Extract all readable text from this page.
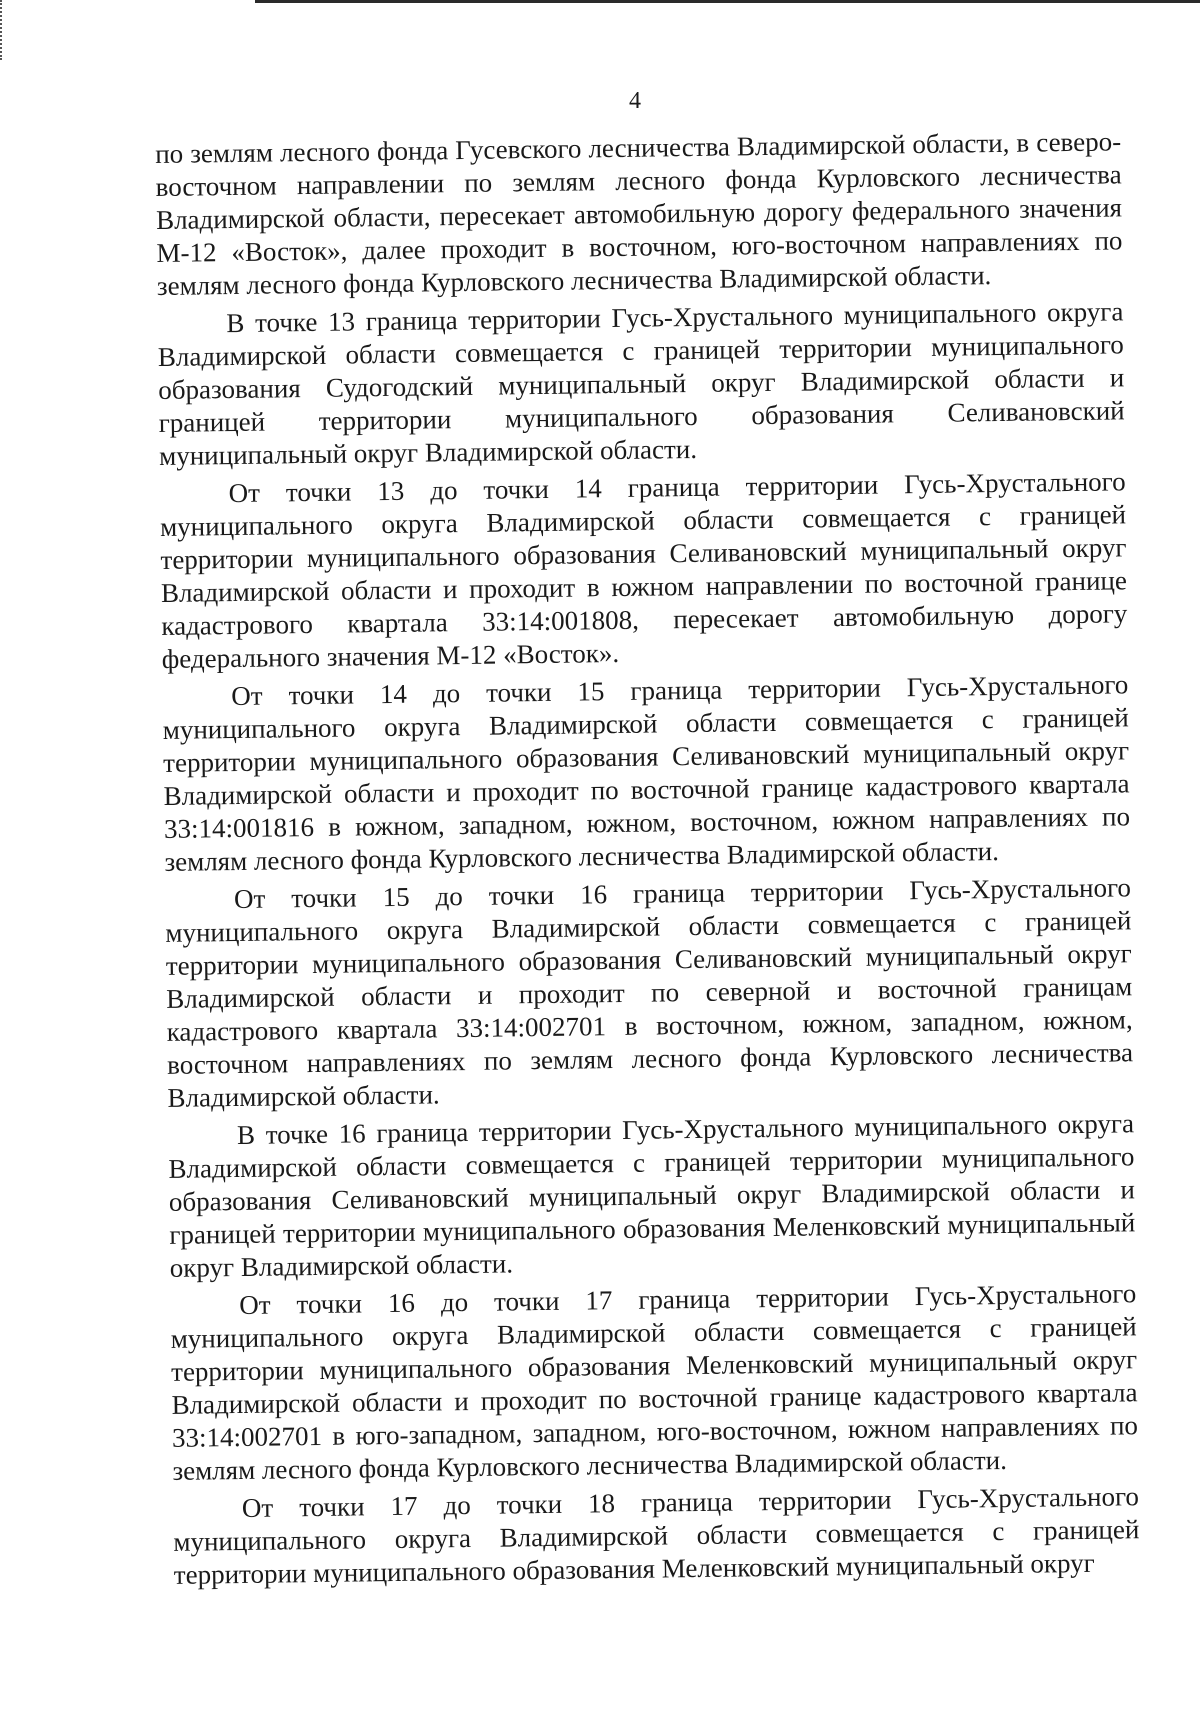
4

по землям лесного фонда Гусевского лесничества Владимирской области, в северо-восточном направлении по землям лесного фонда Курловского лесничества Владимирской области, пересекает автомобильную дорогу федерального значения М-12 «Восток», далее проходит в восточном, юго-восточном направлениях по землям лесного фонда Курловского лесничества Владимирской области.

В точке 13 граница территории Гусь-Хрустального муниципального округа Владимирской области совмещается с границей территории муниципального образования Судогодский муниципальный округ Владимирской области и границей территории муниципального образования Селивановский муниципальный округ Владимирской области.

От точки 13 до точки 14 граница территории Гусь-Хрустального муниципального округа Владимирской области совмещается с границей территории муниципального образования Селивановский муниципальный округ Владимирской области и проходит в южном направлении по восточной границе кадастрового квартала 33:14:001808, пересекает автомобильную дорогу федерального значения М-12 «Восток».

От точки 14 до точки 15 граница территории Гусь-Хрустального муниципального округа Владимирской области совмещается с границей территории муниципального образования Селивановский муниципальный округ Владимирской области и проходит по восточной границе кадастрового квартала 33:14:001816 в южном, западном, южном, восточном, южном направлениях по землям лесного фонда Курловского лесничества Владимирской области.

От точки 15 до точки 16 граница территории Гусь-Хрустального муниципального округа Владимирской области совмещается с границей территории муниципального образования Селивановский муниципальный округ Владимирской области и проходит по северной и восточной границам кадастрового квартала 33:14:002701 в восточном, южном, западном, южном, восточном направлениях по землям лесного фонда Курловского лесничества Владимирской области.

В точке 16 граница территории Гусь-Хрустального муниципального округа Владимирской области совмещается с границей территории муниципального образования Селивановский муниципальный округ Владимирской области и границей территории муниципального образования Меленковский муниципальный округ Владимирской области.

От точки 16 до точки 17 граница территории Гусь-Хрустального муниципального округа Владимирской области совмещается с границей территории муниципального образования Меленковский муниципальный округ Владимирской области и проходит по восточной границе кадастрового квартала 33:14:002701 в юго-западном, западном, юго-восточном, южном направлениях по землям лесного фонда Курловского лесничества Владимирской области.

От точки 17 до точки 18 граница территории Гусь-Хрустального муниципального округа Владимирской области совмещается с границей территории муниципального образования Меленковский муниципальный округ
